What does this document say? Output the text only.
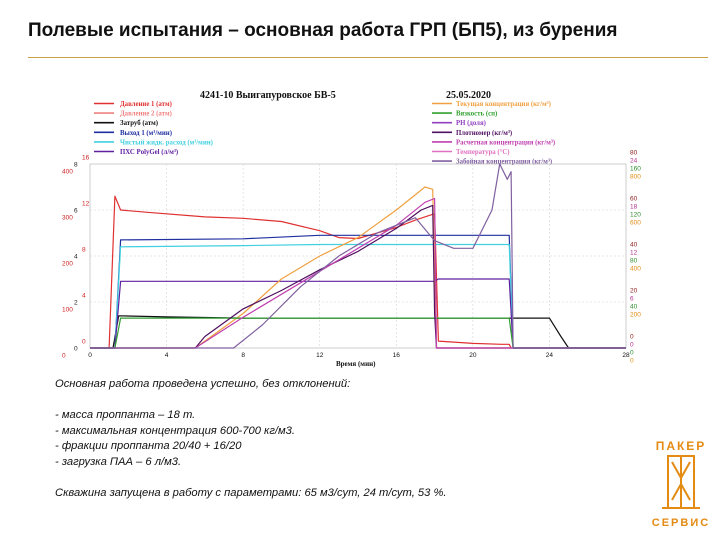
Полевые испытания – основная работа ГРП (БП5), из бурения
4241-10 Выигапуровское БВ-5	25.05.2020
Давление 1 (атм)
Давление 2 (атм)
Затруб (атм)
Выход 1 (м³/мин)
Чистый жидк. расход (м³/мин)
ПХС PolyGel (л/м³)
Текущая концентрация (кг/м³)
Вязкость (сп)
PH (доля)
Плотномер (кг/м³)
Расчетная концентрация (кг/м³)
Температура (°С)
Забойная концентрация (кг/м³)
0
100
200
300
400
0
2
4
6
8
0
4
8
12
16
0
200
400
600
800
0
40
80
120
160
0
6
12
18
24
0
20
40
60
80
0	4	8	12	16	20	24	28
Время (мин)
Основная работа проведена успешно, без отклонений:
- масса проппанта – 18 т.
- максимальная концентрация 600-700 кг/м3.
- фракции проппанта 20/40 + 16/20
- загрузка ПАА – 6 л/м3.
Скважина запущена в работу с параметрами: 65 м3/сут, 24 т/сут, 53 %.
ПАКЕР
СЕРВИС
